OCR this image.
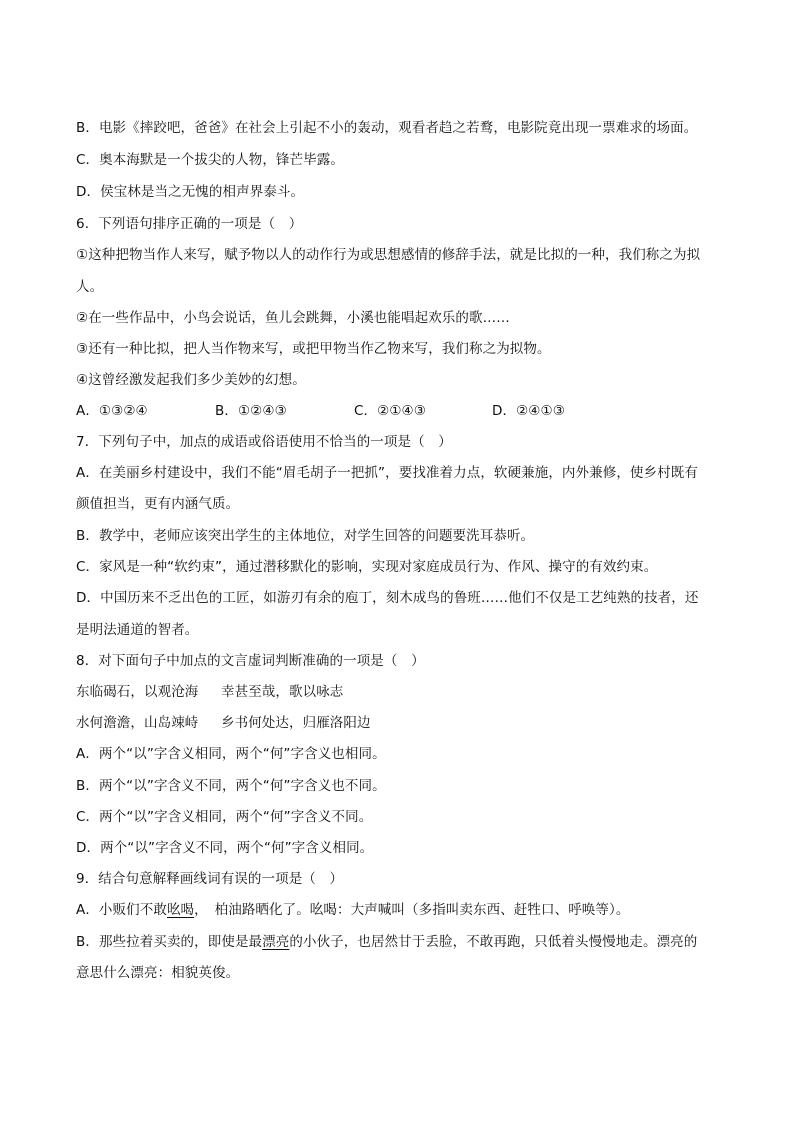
B．电影《摔跤吧，爸爸》在社会上引起不小的轰动，观看者趋之若鹜，电影院竟出现一票难求的场面。
C．奥本海默是一个拔尖的人物，锋芒毕露。
D．侯宝林是当之无愧的相声界泰斗。
6．下列语句排序正确的一项是（　）
①这种把物当作人来写，赋予物以人的动作行为或思想感情的修辞手法，就是比拟的一种，我们称之为拟
人。
②在一些作品中，小鸟会说话，鱼儿会跳舞，小溪也能唱起欢乐的歌……
③还有一种比拟，把人当作物来写，或把甲物当作乙物来写，我们称之为拟物。
④这曾经激发起我们多少美妙的幻想。
A．①③②④	B．①②④③	C．②①④③	D．②④①③
7．下列句子中，加点的成语或俗语使用不恰当的一项是（　）
A．在美丽乡村建设中，我们不能“眉毛胡子一把抓”，要找准着力点，软硬兼施，内外兼修，使乡村既有
颜值担当，更有内涵气质。
B．教学中，老师应该突出学生的主体地位，对学生回答的问题要洗耳恭听。
C．家风是一种“软约束”，通过潜移默化的影响，实现对家庭成员行为、作风、操守的有效约束。
D．中国历来不乏出色的工匠，如游刃有余的庖丁，刻木成鸟的鲁班……他们不仅是工艺纯熟的技者，还
是明法通道的智者。
8．对下面句子中加点的文言虚词判断准确的一项是（　）
东临碣石，以观沧海 幸甚至哉，歌以咏志
水何澹澹，山岛竦峙 乡书何处达，归雁洛阳边
A．两个“以”字含义相同，两个“何”字含义也相同。
B．两个“以”字含义不同，两个“何”字含义也不同。
C．两个“以”字含义相同，两个“何”字含义不同。
D．两个“以”字含义不同，两个“何”字含义相同。
9．结合句意解释画线词有误的一项是（　）
A．小贩们不敢吆喝，　柏油路晒化了。吆喝：大声喊叫（多指叫卖东西、赶牲口、呼唤等）。
B．那些拉着买卖的，即使是最漂亮的小伙子，也居然甘于丢脸，不敢再跑，只低着头慢慢地走。漂亮的
意思什么漂亮：相貌英俊。
